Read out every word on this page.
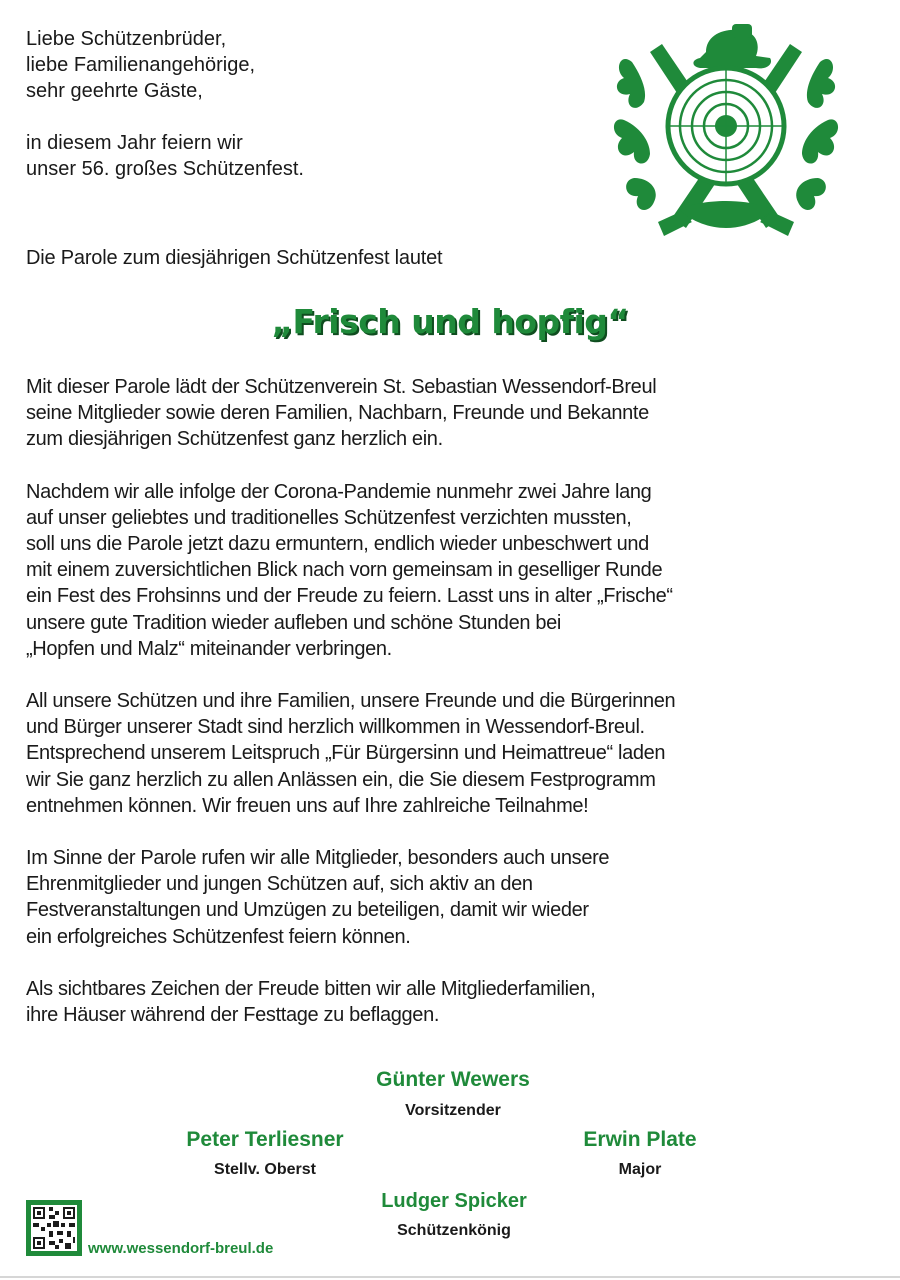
Liebe Schützenbrüder,
liebe Familienangehörige,
sehr geehrte Gäste,
in diesem Jahr feiern wir
unser 56. großes Schützenfest.
Die Parole zum diesjährigen Schützenfest lautet
„Frisch und hopfig“
Mit dieser Parole lädt der Schützenverein St. Sebastian Wessendorf-Breul
seine Mitglieder sowie deren Familien, Nachbarn, Freunde und Bekannte
zum diesjährigen Schützenfest ganz herzlich ein.
Nachdem wir alle infolge der Corona-Pandemie nunmehr zwei Jahre lang
auf unser geliebtes und traditionelles Schützenfest verzichten mussten,
soll uns die Parole jetzt dazu ermuntern, endlich wieder unbeschwert und
mit einem zuversichtlichen Blick nach vorn gemeinsam in geselliger Runde
ein Fest des Frohsinns und der Freude zu feiern. Lasst uns in alter „Frische“
unsere gute Tradition wieder aufleben und schöne Stunden bei
„Hopfen und Malz“ miteinander verbringen.
All unsere Schützen und ihre Familien, unsere Freunde und die Bürgerinnen
und Bürger unserer Stadt sind herzlich willkommen in Wessendorf-Breul.
Entsprechend unserem Leitspruch „Für Bürgersinn und Heimattreue“ laden
wir Sie ganz herzlich zu allen Anlässen ein, die Sie diesem Festprogramm
entnehmen können. Wir freuen uns auf Ihre zahlreiche Teilnahme!
Im Sinne der Parole rufen wir alle Mitglieder, besonders auch unsere
Ehrenmitglieder und jungen Schützen auf, sich aktiv an den
Festveranstaltungen und Umzügen zu beteiligen, damit wir wieder
ein erfolgreiches Schützenfest feiern können.
Als sichtbares Zeichen der Freude bitten wir alle Mitgliederfamilien,
ihre Häuser während der Festtage zu beflaggen.
Günter Wewers
Vorsitzender
Peter Terliesner
Stellv. Oberst
Erwin Plate
Major
Ludger Spicker
Schützenkönig
www.wessendorf-breul.de
